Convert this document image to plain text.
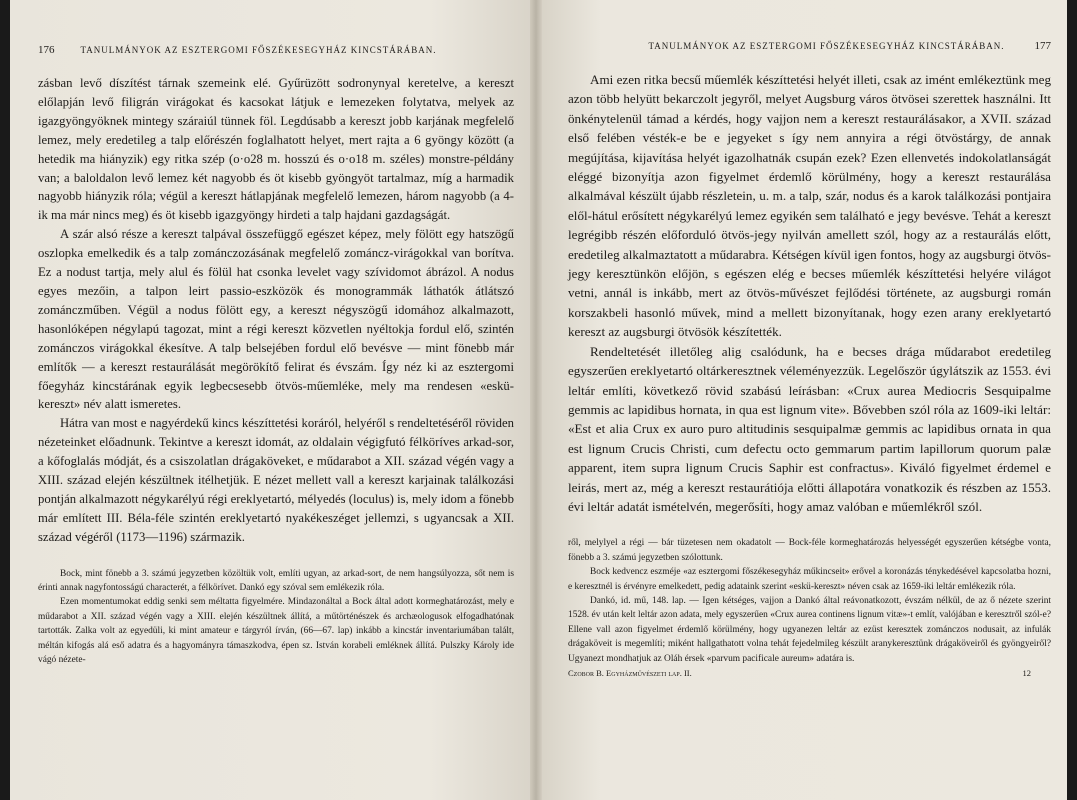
176	TANULMÁNYOK AZ ESZTERGOMI FŐSZÉKESEGYHÁZ KINCSTÁRÁBAN.

zásban levő díszítést tárnak szemeink elé. Gyűrüzött sodronynyal keretelve, a kereszt előlapján levő filigrán virágokat és kacsokat látjuk e lemezeken folytatva, melyek az igazgyöngyöknek mintegy száraiúl tünnek föl. Legdúsabb a kereszt jobb karjának megfelelő lemez, mely eredetileg a talp előrészén foglalhatott helyet, mert rajta a 6 gyöngy között (a hetedik ma hiányzik) egy ritka szép (o·o28 m. hosszú és o·o18 m. széles) monstre-példány van; a baloldalon levő lemez két nagyobb és öt kisebb gyöngyöt tartalmaz, míg a harmadik nagyobb hiányzik róla; végül a kereszt hátlapjának megfelelő lemezen, három nagyobb (a 4-ik ma már nincs meg) és öt kisebb igazgyöngy hirdeti a talp hajdani gazdagságát.

A szár alsó része a kereszt talpával összefüggő egészet képez, mely fölött egy hatszögű oszlopka emelkedik és a talp zománczozásának megfelelő zománcz-virágokkal van borítva. Ez a nodust tartja, mely alul és fölül hat csonka levelet vagy szívidomot ábrázol. A nodus egyes mezőin, a talpon leirt passio-eszközök és monogrammák láthatók átlátszó zománczműben. Végül a nodus fölött egy, a kereszt négyszögű idomához alkalmazott, hasonlóképen négylapú tagozat, mint a régi kereszt közvetlen nyéltokja fordul elő, szintén zománczos virágokkal ékesítve. A talp belsejében fordul elő bevésve — mint fönebb már említők — a kereszt restaurálását megörökítő felirat és évszám. Így néz ki az esztergomi főegyház kincstárának egyik legbecsesebb ötvös-műemléke, mely ma rendesen «eskü-kereszt» név alatt ismeretes.

Hátra van most e nagyérdekű kincs készíttetési koráról, helyéről s rendeltetéséről röviden nézeteinket előadnunk. Tekintve a kereszt idomát, az oldalain végigfutó félköríves arkad-sor, a kőfoglalás módját, és a csiszolatlan drágaköveket, e műdarabot a XII. század végén vagy a XIII. század elején készültnek itélhetjük. E nézet mellett vall a kereszt karjainak találkozási pontján alkalmazott négykarélyú régi ereklyetartó, mélyedés (loculus) is, mely idom a fönebb már említett III. Béla-féle szintén ereklyetartó nyakékeszéget jellemzi, s ugyancsak a XII. század végéről (1173—1196) származik.

Bock, mint fönebb a 3. számú jegyzetben közöltük volt, említi ugyan, az arkad-sort, de nem hangsúlyozza, sőt nem is érinti annak nagyfontosságú characterét, a félkörívet. Dankó egy szóval sem emlékezik róla.

Ezen momentumokat eddig senki sem méltatta figyelmére. Mindazonáltal a Bock által adott kormeghatározást, mely e műdarabot a XII. század végén vagy a XIII. elején készültnek állítá, a műtörténészek és archæologusok elfogadhatónak tartották. Zalka volt az egyedüli, ki mint amateur e tárgyról írván, (66—67. lap) inkább a kincstár inventariumában talált, méltán kifogás alá eső adatra és a hagyományra támaszkodva, épen sz. István korabeli emléknek állítá. Pulszky Károly ide vágó nézete-

TANULMÁNYOK AZ ESZTERGOMI FŐSZÉKESEGYHÁZ KINCSTÁRÁBAN.	177

Ami ezen ritka becsű műemlék készíttetési helyét illeti, csak az imént emlékeztünk meg azon több helyütt bekarczolt jegyről, melyet Augsburg város ötvösei szerettek használni. Itt önkénytelenül támad a kérdés, hogy vajjon nem a kereszt restaurálásakor, a XVII. század első felében vésték-e be e jegyeket s így nem annyira a régi ötvöstárgy, de annak megújítása, kijavítása helyét igazolhatnák csupán ezek? Ezen ellenvetés indokolatlanságát eléggé bizonyítja azon figyelmet érdemlő körülmény, hogy a kereszt restaurálása alkalmával készült újabb részletein, u. m. a talp, szár, nodus és a karok találkozási pontjaira elől-hátul erősített négykarélyú lemez egyikén sem található e jegy bevésve. Tehát a kereszt legrégibb részén előforduló ötvös-jegy nyilván amellett szól, hogy az a restaurálás előtt, eredetileg alkalmaztatott a műdarabra. Kétségen kívül igen fontos, hogy az augsburgi ötvös-jegy keresztünkön előjön, s egészen elég e becses műemlék készíttetési helyére világot vetni, annál is inkább, mert az ötvös-művészet fejlődési története, az augsburgi román korszakbeli hasonló művek, mind a mellett bizonyítanak, hogy ezen arany ereklyetartó kereszt az augsburgi ötvösök készítették.

Rendeltetését illetőleg alig csalódunk, ha e becses drága műdarabot eredetileg egyszerűen ereklyetartó oltárkeresztnek véleményezzük. Legelőször úgylátszik az 1553. évi leltár említi, következő rövid szabású leírásban: «Crux aurea Mediocris Sesquipalme gemmis ac lapidibus hornata, in qua est lignum vite». Bővebben szól róla az 1609-iki leltár: «Est et alia Crux ex auro puro altitudinis sesquipalmæ gemmis ac lapidibus ornata in qua est lignum Crucis Christi, cum defectu octo gemmarum partim lapillorum quorum palæ apparent, item supra lignum Crucis Saphir est confractus». Kiváló figyelmet érdemel e leirás, mert az, még a kereszt restaurátiója előtti állapotára vonatkozik és részben az 1553. évi leltár adatát ismételvén, megerősíti, hogy amaz valóban e műemlékről szól.

ről, melylyel a régi — bár tüzetesen nem okadatolt — Bock-féle kormeghatározás helyességét egyszerűen kétségbe vonta, fönebb a 3. számú jegyzetben szólottunk.

Bock kedvencz eszméje «az esztergomi főszékesegyház műkincseit» erővel a koronázás ténykedésével kapcsolatba hozni, e keresztnél is érvényre emelkedett, pedig adataink szerint «eskü-kereszt» néven csak az 1659-iki leltár emlékezik róla.

Dankó, id. mű, 148. lap. — Igen kétséges, vajjon a Dankó által reávonatkozott, évszám nélkül, de az ő nézete szerint 1528. év után kelt leltár azon adata, mely egyszerűen «Crux aurea continens lignum vitæ»-t említ, valójában e keresztről szól-e? Ellene vall azon figyelmet érdemlő körülmény, hogy ugyanezen leltár az ezüst keresztek zománczos nodusait, az infulák drágaköveit is megemlíti; miként hallgathatott volna tehát fejedelmileg készült aranykeresztünk drágaköveiről és gyöngyeiről? Ugyanezt mondhatjuk az Oláh érsek «parvum pacificale aureum» adatára is.

Czobor B. Egyházművészeti lap. II.	12
